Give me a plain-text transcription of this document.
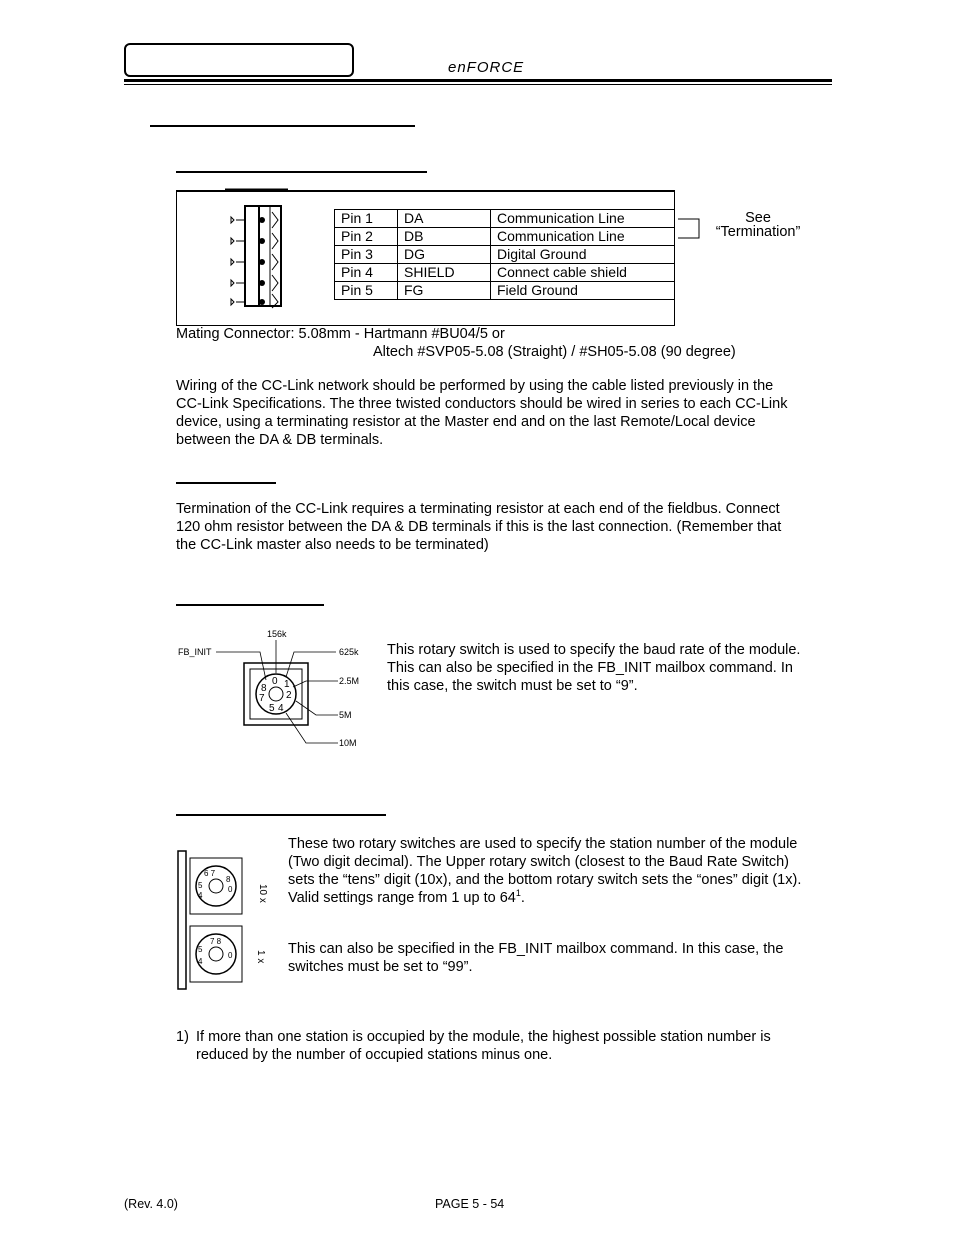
enFORCE
Pin 1	DA	Communication Line
Pin 2	DB	Communication Line
Pin 3	DG	Digital Ground
Pin 4	SHIELD	Connect cable shield
Pin 5	FG	Field Ground
See
“Termination”
Mating Connector: 5.08mm - Hartmann #BU04/5 or
Altech #SVP05-5.08 (Straight) / #SH05-5.08 (90 degree)
Wiring of the CC-Link network should be performed by using the cable listed previously in the
CC-Link Specifications. The three twisted conductors should be wired in series to each CC-Link
device, using a terminating resistor at the Master end and on the last Remote/Local device
between the DA & DB terminals.
Termination of the CC-Link requires a terminating resistor at each end of the fieldbus. Connect
120 ohm resistor between the DA & DB terminals if this is the last connection. (Remember that
the CC-Link master also needs to be terminated)
0
8
7
1
2
4
5
FB_INIT
156k
625k
2.5M
5M
10M
This rotary switch is used to specify the baud rate of the module.
This can also be specified in the FB_INIT mailbox command. In
this case, the switch must be set to “9”.
6 7
5
4
8
0
7 8
5
4
0
10 x
1 x
These two rotary switches are used to specify the station number of the module
(Two digit decimal). The Upper rotary switch (closest to the Baud Rate Switch)
sets the “tens” digit (10x), and the bottom rotary switch sets the “ones” digit (1x).
Valid settings range from 1 up to $64^1$.
This can also be specified in the FB_INIT mailbox command. In this case, the
switches must be set to “99”.
1) If more than one station is occupied by the module, the highest possible station number is
reduced by the number of occupied stations minus one.
(Rev. 4.0)	PAGE 5 - 54
